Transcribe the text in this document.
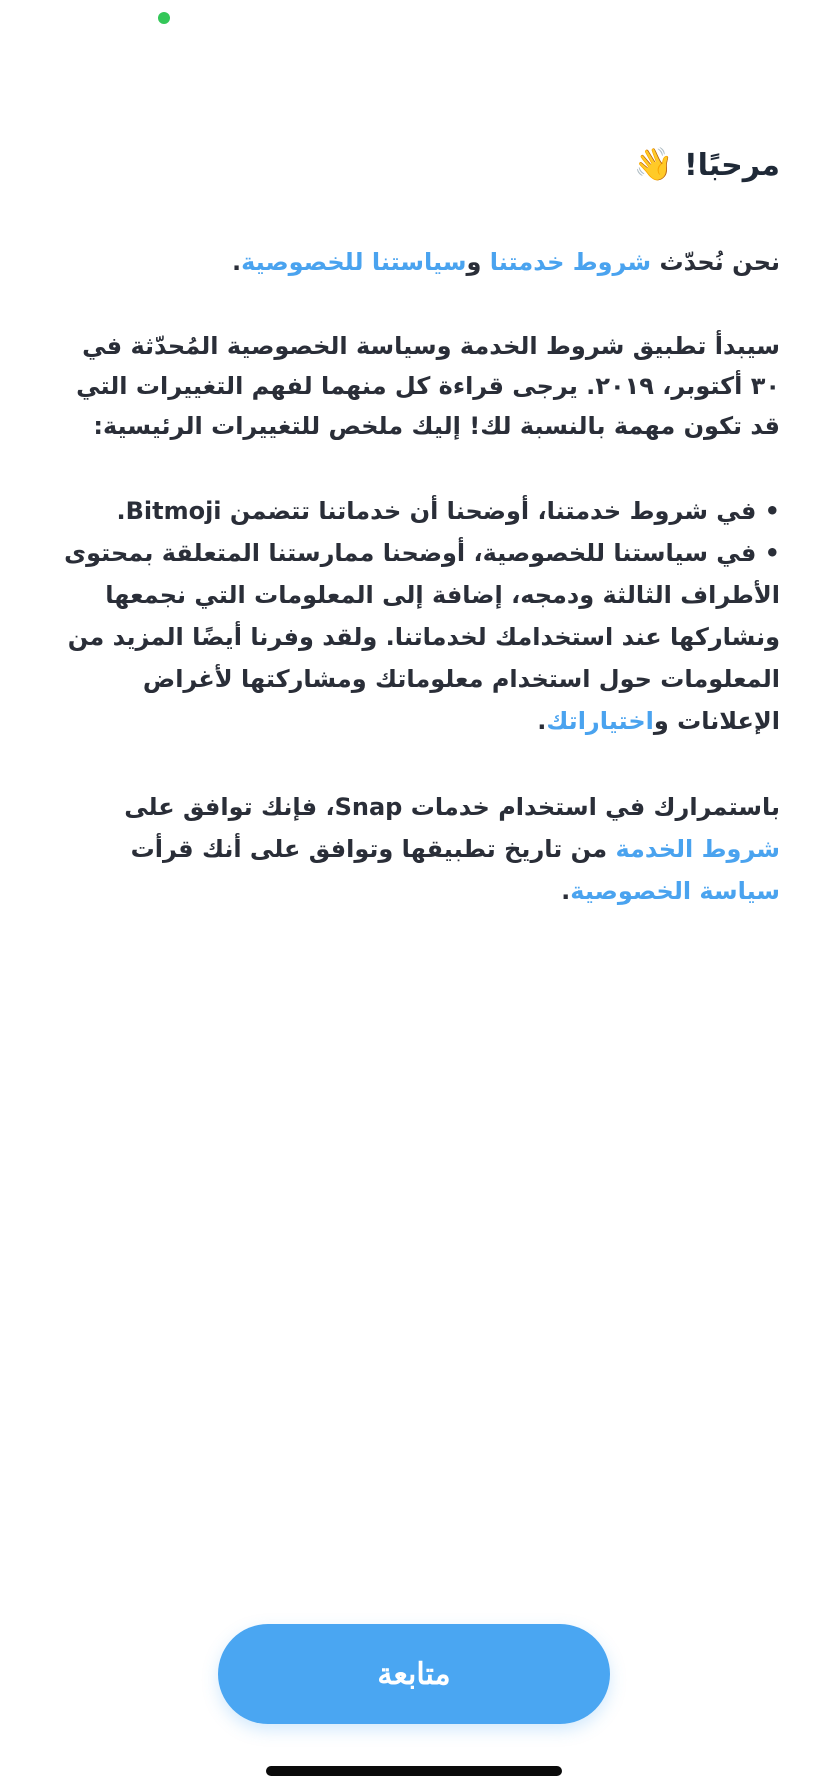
مرحبًا! 👋

نحن نُحدّث شروط خدمتنا وسياستنا للخصوصية.

سيبدأ تطبيق شروط الخدمة وسياسة الخصوصية المُحدّثة في ٣٠ أكتوبر، ٢٠١٩. يرجى قراءة كل منهما لفهم التغييرات التي قد تكون مهمة بالنسبة لك! إليك ملخص للتغييرات الرئيسية:

• في شروط خدمتنا، أوضحنا أن خدماتنا تتضمن Bitmoji.

• في سياستنا للخصوصية، أوضحنا ممارستنا المتعلقة بمحتوى الأطراف الثالثة ودمجه، إضافة إلى المعلومات التي نجمعها ونشاركها عند استخدامك لخدماتنا. ولقد وفرنا أيضًا المزيد من المعلومات حول استخدام معلوماتك ومشاركتها لأغراض الإعلانات واختياراتك.

باستمرارك في استخدام خدمات Snap، فإنك توافق على شروط الخدمة من تاريخ تطبيقها وتوافق على أنك قرأت سياسة الخصوصية.

متابعة
